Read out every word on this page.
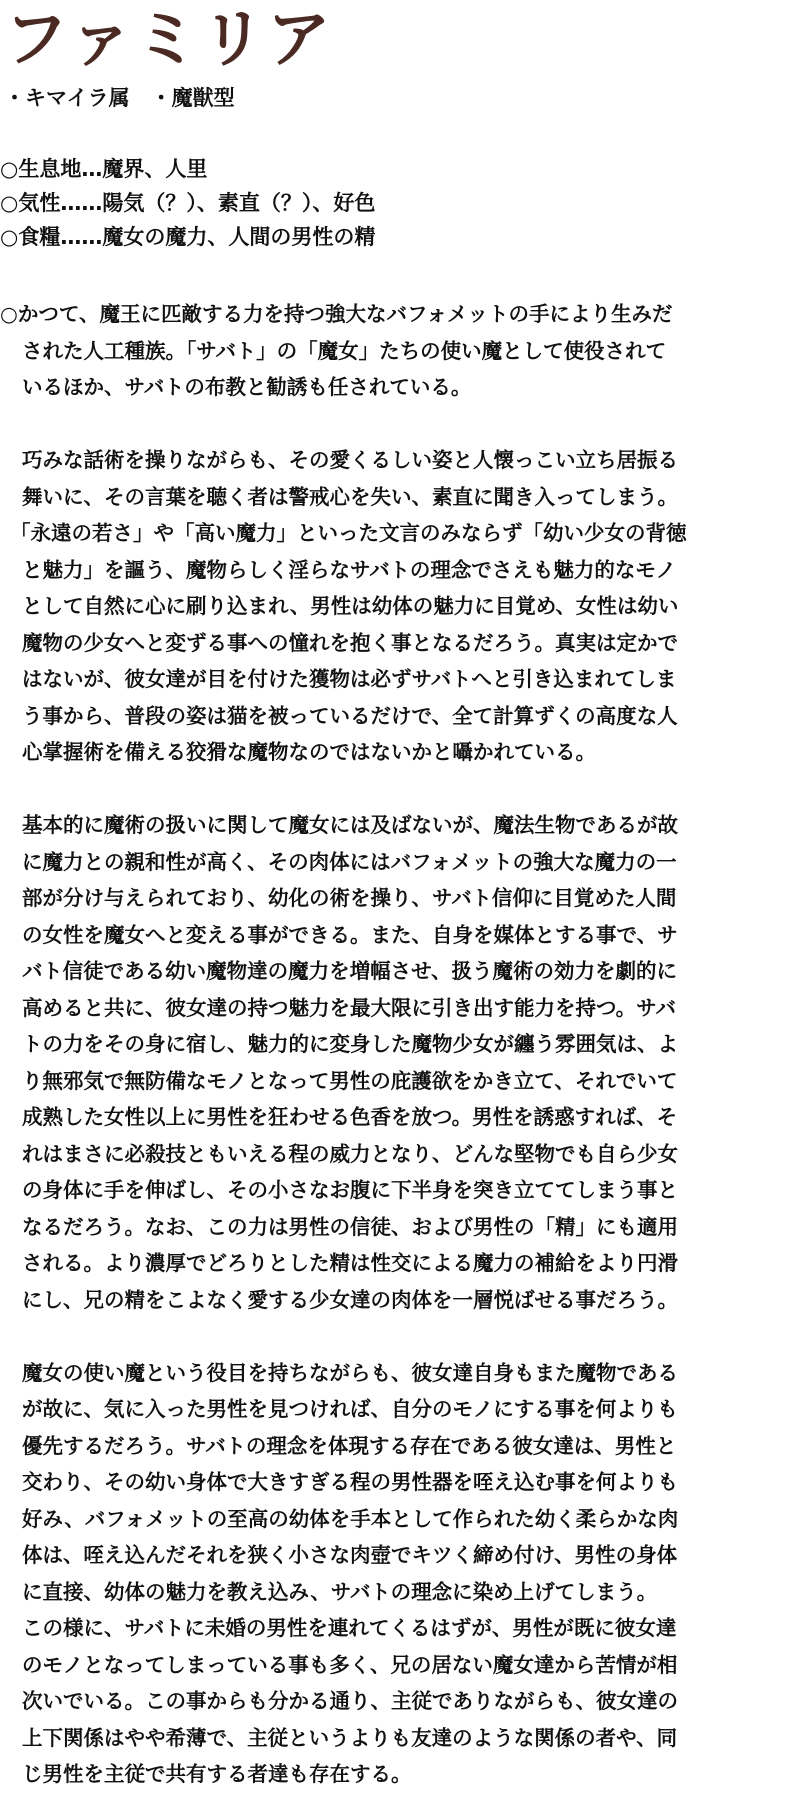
ファミリア
・キマイラ属　・魔獣型
○生息地…魔界、人里
○気性……陽気（？）、素直（？）、好色
○食糧……魔女の魔力、人間の男性の精
○かつて、魔王に匹敵する力を持つ強大なバフォメットの手により生みだ
された人工種族。「サバト」の「魔女」たちの使い魔として使役されて
いるほか、サバトの布教と勧誘も任されている。
巧みな話術を操りながらも、その愛くるしい姿と人懐っこい立ち居振る
舞いに、その言葉を聴く者は警戒心を失い、素直に聞き入ってしまう。
「永遠の若さ」や「高い魔力」といった文言のみならず「幼い少女の背徳
と魅力」を謳う、魔物らしく淫らなサバトの理念でさえも魅力的なモノ
として自然に心に刷り込まれ、男性は幼体の魅力に目覚め、女性は幼い
魔物の少女へと変ずる事への憧れを抱く事となるだろう。真実は定かで
はないが、彼女達が目を付けた獲物は必ずサバトへと引き込まれてしま
う事から、普段の姿は猫を被っているだけで、全て計算ずくの高度な人
心掌握術を備える狡猾な魔物なのではないかと囁かれている。
基本的に魔術の扱いに関して魔女には及ばないが、魔法生物であるが故
に魔力との親和性が高く、その肉体にはバフォメットの強大な魔力の一
部が分け与えられており、幼化の術を操り、サバト信仰に目覚めた人間
の女性を魔女へと変える事ができる。また、自身を媒体とする事で、サ
バト信徒である幼い魔物達の魔力を増幅させ、扱う魔術の効力を劇的に
高めると共に、彼女達の持つ魅力を最大限に引き出す能力を持つ。サバ
トの力をその身に宿し、魅力的に変身した魔物少女が纏う雰囲気は、よ
り無邪気で無防備なモノとなって男性の庇護欲をかき立て、それでいて
成熟した女性以上に男性を狂わせる色香を放つ。男性を誘惑すれば、そ
れはまさに必殺技ともいえる程の威力となり、どんな堅物でも自ら少女
の身体に手を伸ばし、その小さなお腹に下半身を突き立ててしまう事と
なるだろう。なお、この力は男性の信徒、および男性の「精」にも適用
される。より濃厚でどろりとした精は性交による魔力の補給をより円滑
にし、兄の精をこよなく愛する少女達の肉体を一層悦ばせる事だろう。
魔女の使い魔という役目を持ちながらも、彼女達自身もまた魔物である
が故に、気に入った男性を見つければ、自分のモノにする事を何よりも
優先するだろう。サバトの理念を体現する存在である彼女達は、男性と
交わり、その幼い身体で大きすぎる程の男性器を咥え込む事を何よりも
好み、バフォメットの至高の幼体を手本として作られた幼く柔らかな肉
体は、咥え込んだそれを狭く小さな肉壺でキツく締め付け、男性の身体
に直接、幼体の魅力を教え込み、サバトの理念に染め上げてしまう。
この様に、サバトに未婚の男性を連れてくるはずが、男性が既に彼女達
のモノとなってしまっている事も多く、兄の居ない魔女達から苦情が相
次いでいる。この事からも分かる通り、主従でありながらも、彼女達の
上下関係はやや希薄で、主従というよりも友達のような関係の者や、同
じ男性を主従で共有する者達も存在する。
